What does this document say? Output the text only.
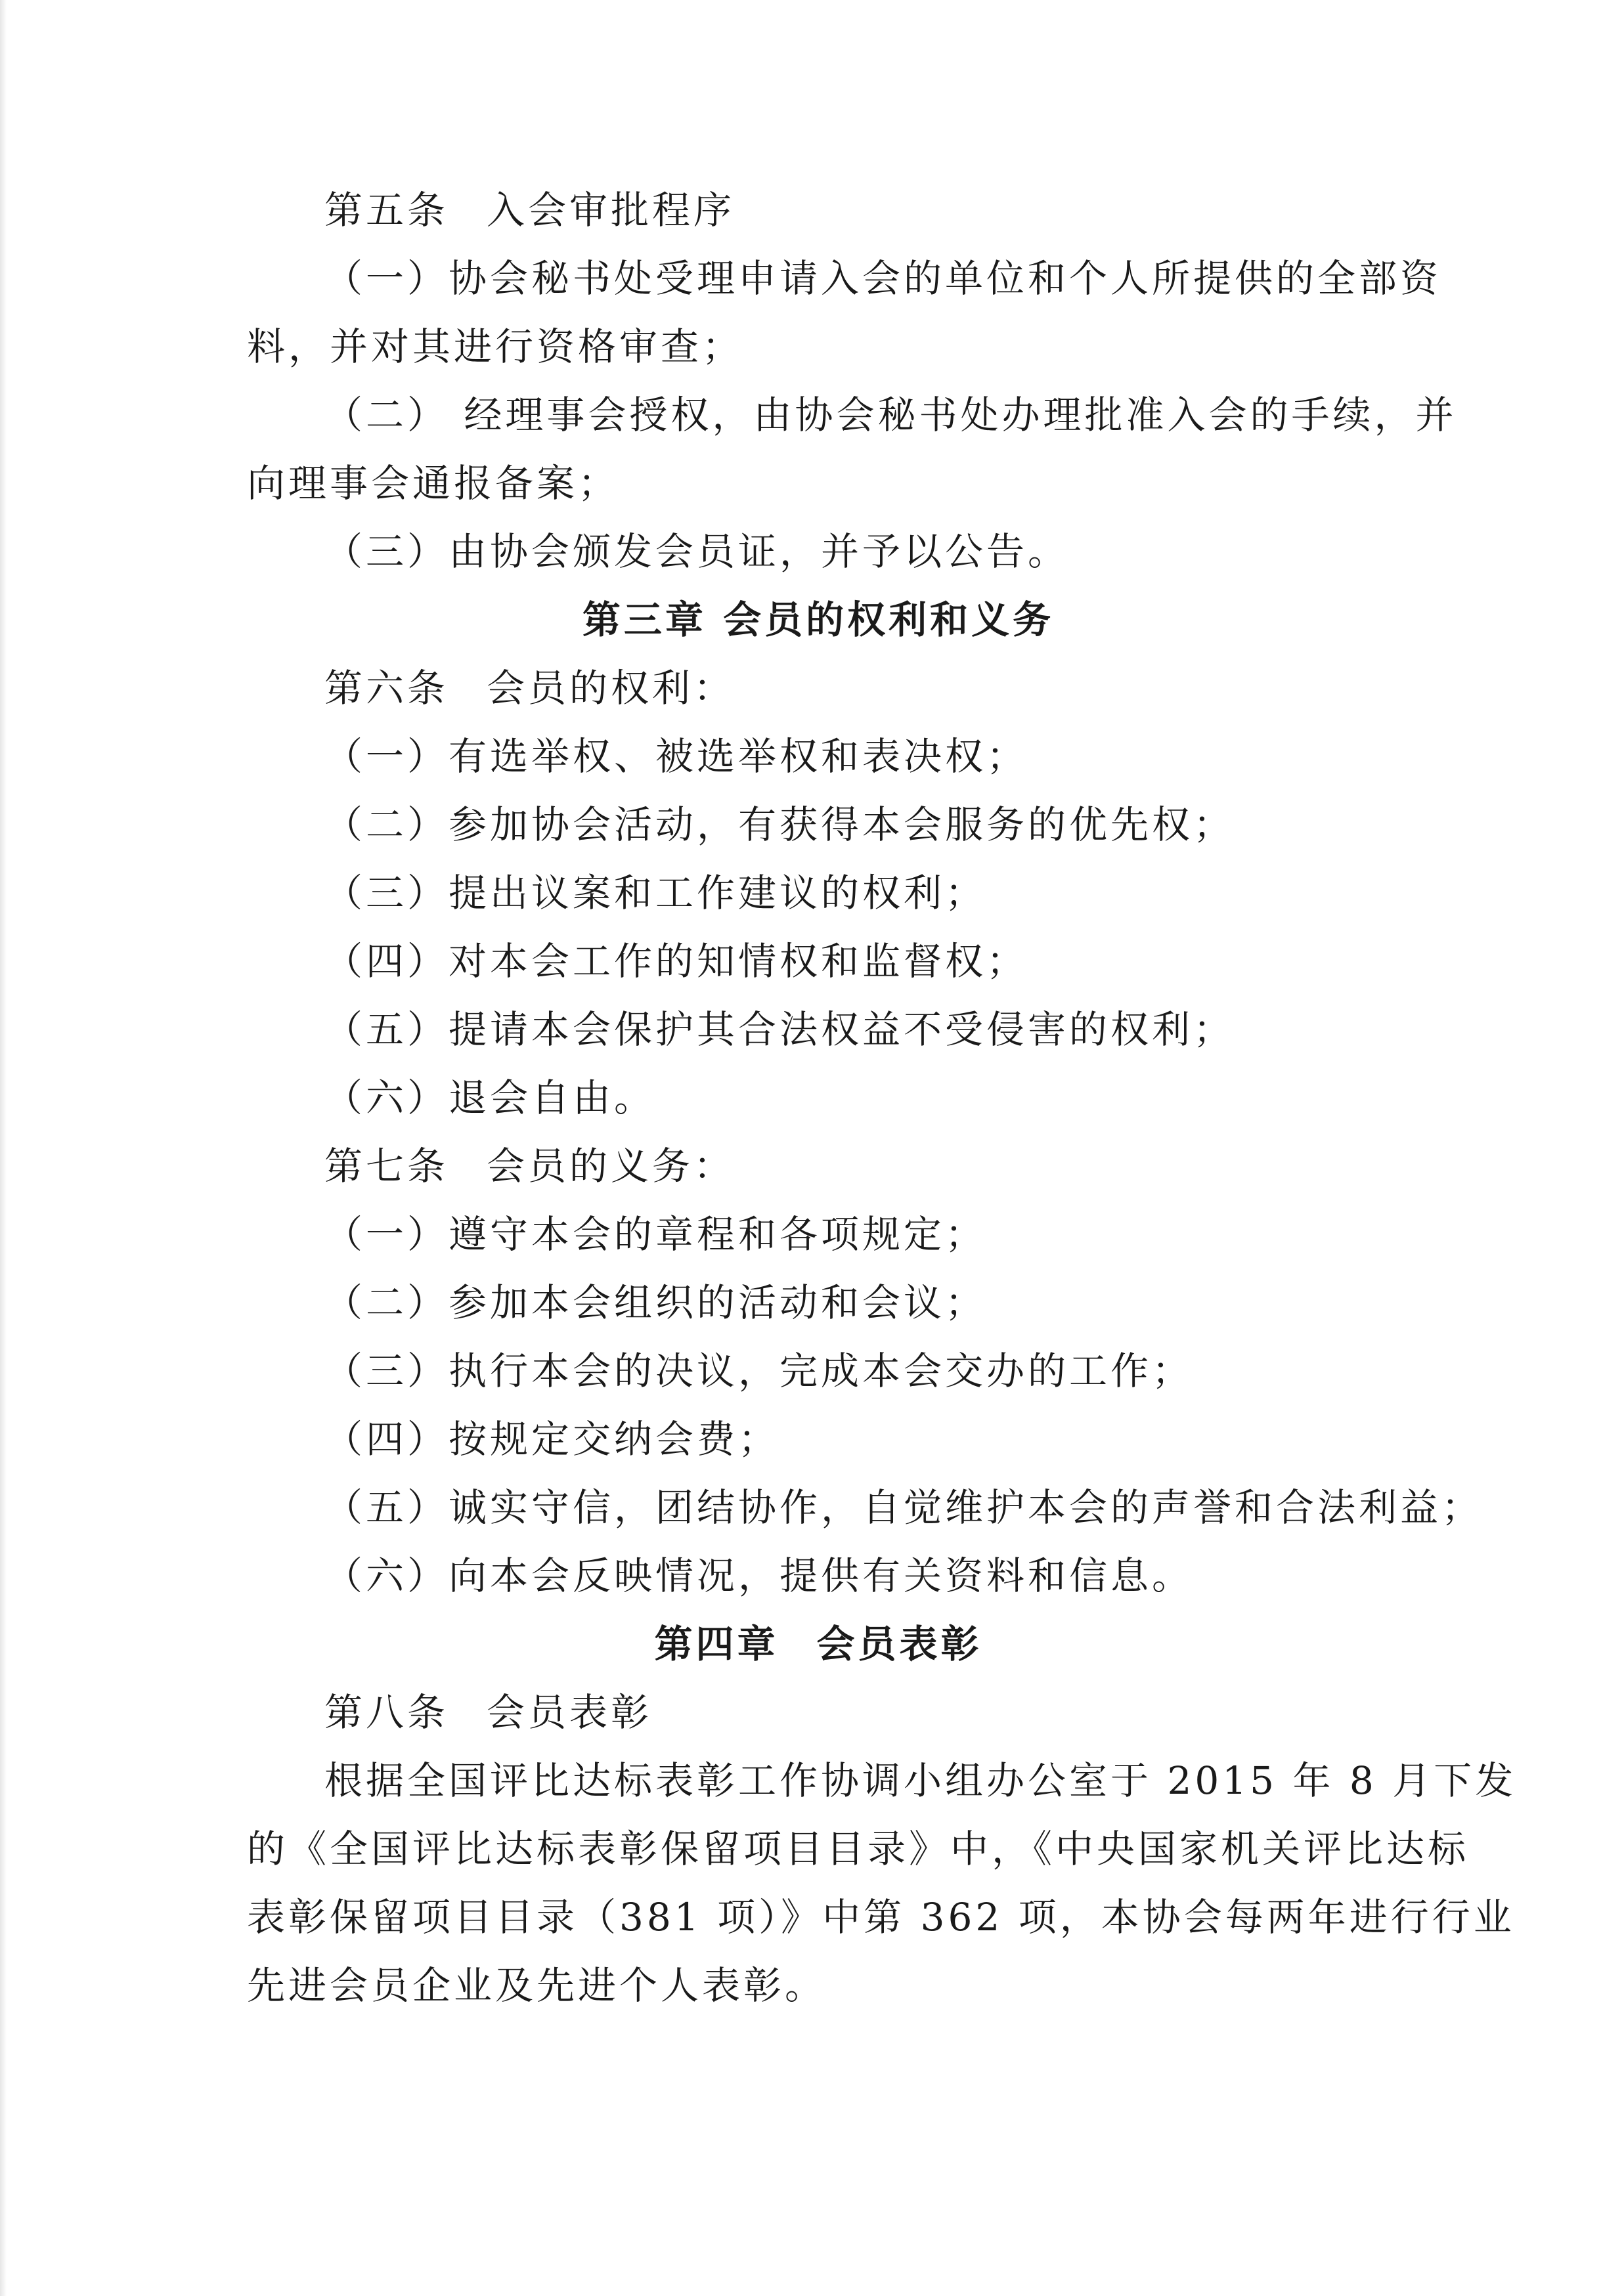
第五条 入会审批程序
（一）协会秘书处受理申请入会的单位和个人所提供的全部资
料，并对其进行资格审查；
（二） 经理事会授权，由协会秘书处办理批准入会的手续，并
向理事会通报备案；
（三）由协会颁发会员证，并予以公告。
第三章 会员的权利和义务
第六条 会员的权利：
（一）有选举权、被选举权和表决权；
（二）参加协会活动，有获得本会服务的优先权；
（三）提出议案和工作建议的权利；
（四）对本会工作的知情权和监督权；
（五）提请本会保护其合法权益不受侵害的权利；
（六）退会自由。
第七条 会员的义务：
（一）遵守本会的章程和各项规定；
（二）参加本会组织的活动和会议；
（三）执行本会的决议，完成本会交办的工作；
（四）按规定交纳会费；
（五）诚实守信，团结协作，自觉维护本会的声誉和合法利益；
（六）向本会反映情况，提供有关资料和信息。
第四章 会员表彰
第八条 会员表彰
根据全国评比达标表彰工作协调小组办公室于 2015 年 8 月下发
的《全国评比达标表彰保留项目目录》中，《中央国家机关评比达标
表彰保留项目目录（381 项）》中第 362 项，本协会每两年进行行业
先进会员企业及先进个人表彰。
